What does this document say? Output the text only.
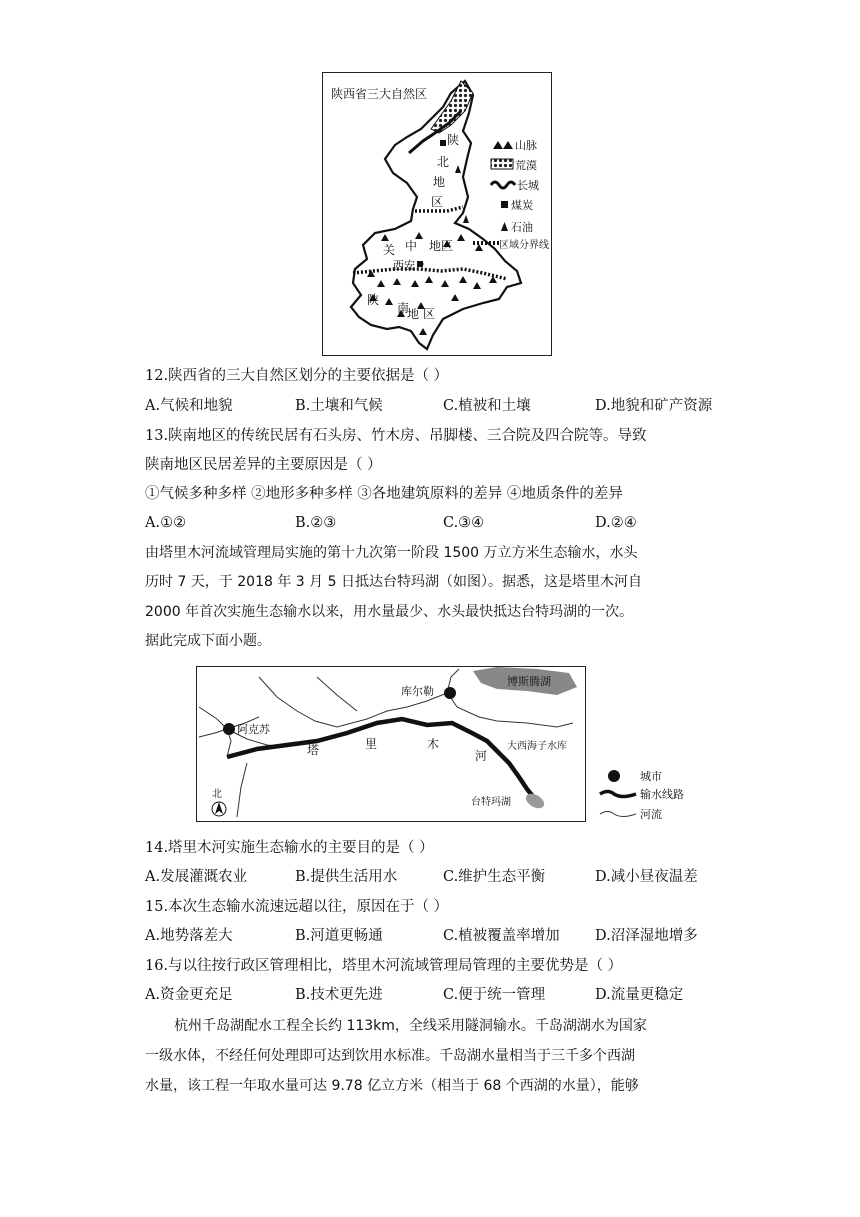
陕西省三大自然区
陕
北
地
区
关 中 地区
西安
陕
南
地 区
山脉
荒漠
长城
煤炭
石油
区域分界线
12.陕西省的三大自然区划分的主要依据是（ ）
A.气候和地貌	B.土壤和气候	C.植被和土壤	D.地貌和矿产资源
13.陕南地区的传统民居有石头房、竹木房、吊脚楼、三合院及四合院等。导致
陕南地区民居差异的主要原因是（ ）
①气候多种多样 ②地形多种多样 ③各地建筑原料的差异 ④地质条件的差异
A.①②	B.②③	C.③④	D.②④
由塔里木河流域管理局实施的第十九次第一阶段 1500 万立方米生态输水，水头
历时 7 天，于 2018 年 3 月 5 日抵达台特玛湖（如图）。据悉，这是塔里木河自
2000 年首次实施生态输水以来，用水量最少、水头最快抵达台特玛湖的一次。
据此完成下面小题。
库尔勒
博斯腾湖
阿克苏
塔	里	木
河
大西海子水库
台特玛湖
北
城市
输水线路
河流
14.塔里木河实施生态输水的主要目的是（ ）
A.发展灌溉农业	B.提供生活用水	C.维护生态平衡	D.减小昼夜温差
15.本次生态输水流速远超以往，原因在于（ ）
A.地势落差大	B.河道更畅通	C.植被覆盖率增加 D.沼泽湿地增多
16.与以往按行政区管理相比，塔里木河流域管理局管理的主要优势是（ ）
A.资金更充足	B.技术更先进	C.便于统一管理	D.流量更稳定
杭州千岛湖配水工程全长约 113km，全线采用隧洞输水。千岛湖湖水为国家
一级水体，不经任何处理即可达到饮用水标准。千岛湖水量相当于三千多个西湖
水量，该工程一年取水量可达 9.78 亿立方米（相当于 68 个西湖的水量），能够
